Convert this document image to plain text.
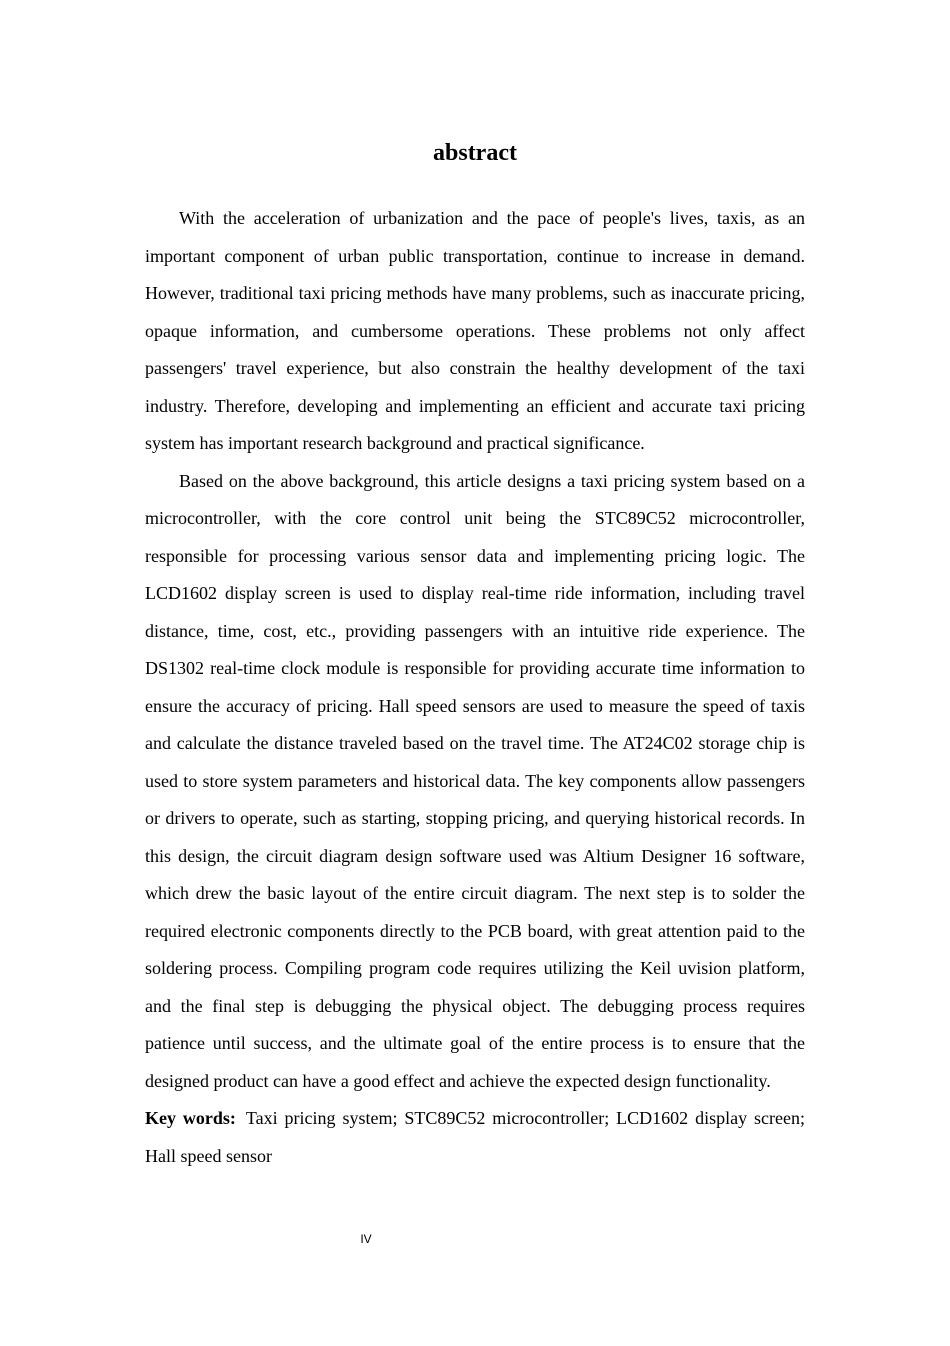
abstract

With the acceleration of urbanization and the pace of people's lives, taxis, as an important component of urban public transportation, continue to increase in demand. However, traditional taxi pricing methods have many problems, such as inaccurate pricing, opaque information, and cumbersome operations. These problems not only affect passengers' travel experience, but also constrain the healthy development of the taxi industry. Therefore, developing and implementing an efficient and accurate taxi pricing system has important research background and practical significance.

Based on the above background, this article designs a taxi pricing system based on a microcontroller, with the core control unit being the STC89C52 microcontroller, responsible for processing various sensor data and implementing pricing logic. The LCD1602 display screen is used to display real-time ride information, including travel distance, time, cost, etc., providing passengers with an intuitive ride experience. The DS1302 real-time clock module is responsible for providing accurate time information to ensure the accuracy of pricing. Hall speed sensors are used to measure the speed of taxis and calculate the distance traveled based on the travel time. The AT24C02 storage chip is used to store system parameters and historical data. The key components allow passengers or drivers to operate, such as starting, stopping pricing, and querying historical records. In this design, the circuit diagram design software used was Altium Designer 16 software, which drew the basic layout of the entire circuit diagram. The next step is to solder the required electronic components directly to the PCB board, with great attention paid to the soldering process. Compiling program code requires utilizing the Keil uvision platform, and the final step is debugging the physical object. The debugging process requires patience until success, and the ultimate goal of the entire process is to ensure that the designed product can have a good effect and achieve the expected design functionality.

Key words: Taxi pricing system; STC89C52 microcontroller; LCD1602 display screen; Hall speed sensor

IV
